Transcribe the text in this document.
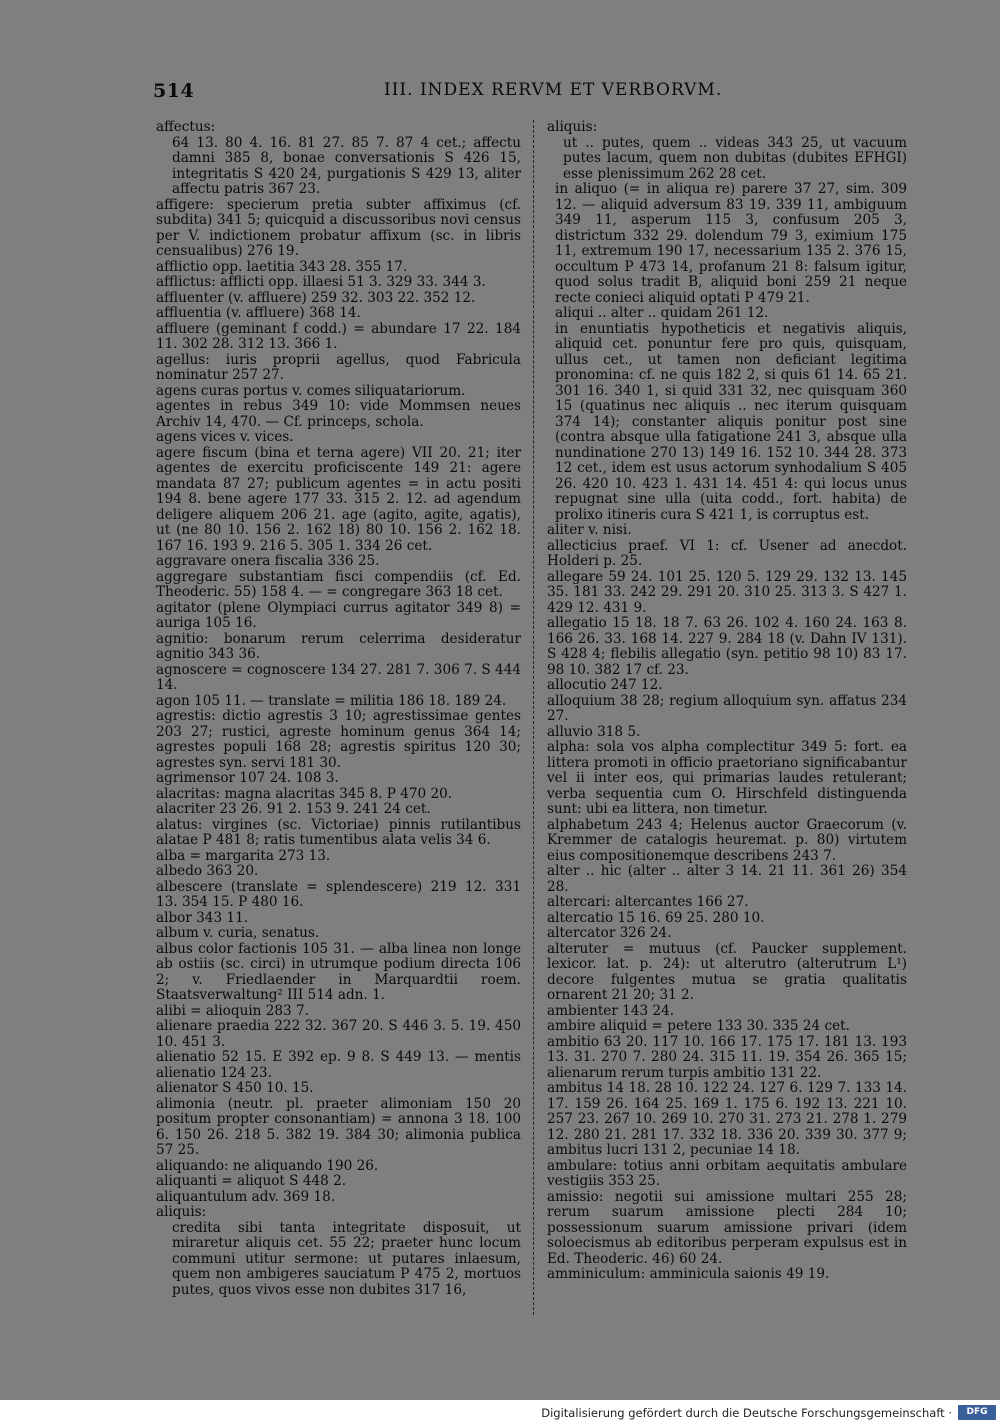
514	III. INDEX RERVM ET VERBORVM.

affectus:

64 13. 80 4. 16. 81 27. 85 7. 87 4 cet.; affectu damni 385 8, bonae conversationis S 426 15, integritatis S 420 24, purgationis S 429 13, aliter affectu patris 367 23.

affigere: specierum pretia subter affiximus (cf. subdita) 341 5; quicquid a discussoribus novi census per V. indictionem probatur affixum (sc. in libris censualibus) 276 19.

afflictio opp. laetitia 343 28. 355 17.

afflictus: afflicti opp. illaesi 51 3. 329 33. 344 3.

affluenter (v. affluere) 259 32. 303 22. 352 12.

affluentia (v. affluere) 368 14.

affluere (geminant f codd.) = abundare 17 22. 184 11. 302 28. 312 13. 366 1.

agellus: iuris proprii agellus, quod Fabricula nominatur 257 27.

agens curas portus v. comes siliquatariorum.

agentes in rebus 349 10: vide Mommsen neues Archiv 14, 470. — Cf. princeps, schola.

agens vices v. vices.

agere fiscum (bina et terna agere) VII 20. 21; iter agentes de exercitu proficiscente 149 21: agere mandata 87 27; publicum agentes = in actu positi 194 8. bene agere 177 33. 315 2. 12. ad agendum deligere aliquem 206 21. age (agito, agite, agatis), ut (ne 80 10. 156 2. 162 18) 80 10. 156 2. 162 18. 167 16. 193 9. 216 5. 305 1. 334 26 cet.

aggravare onera fiscalia 336 25.

aggregare substantiam fisci compendiis (cf. Ed. Theoderic. 55) 158 4. — = congregare 363 18 cet.

agitator (plene Olympiaci currus agitator 349 8) = auriga 105 16.

agnitio: bonarum rerum celerrima desideratur agnitio 343 36.

agnoscere = cognoscere 134 27. 281 7. 306 7. S 444 14.

agon 105 11. — translate = militia 186 18. 189 24.

agrestis: dictio agrestis 3 10; agrestissimae gentes 203 27; rustici, agreste hominum genus 364 14; agrestes populi 168 28; agrestis spiritus 120 30; agrestes syn. servi 181 30.

agrimensor 107 24. 108 3.

alacritas: magna alacritas 345 8. P 470 20.

alacriter 23 26. 91 2. 153 9. 241 24 cet.

alatus: virgines (sc. Victoriae) pinnis rutilantibus alatae P 481 8; ratis tumentibus alata velis 34 6.

alba = margarita 273 13.

albedo 363 20.

albescere (translate = splendescere) 219 12. 331 13. 354 15. P 480 16.

albor 343 11.

album v. curia, senatus.

albus color factionis 105 31. — alba linea non longe ab ostiis (sc. circi) in utrumque podium directa 106 2; v. Friedlaender in Marquardtii roem. Staatsverwaltung² III 514 adn. 1.

alibi = alioquin 283 7.

alienare praedia 222 32. 367 20. S 446 3. 5. 19. 450 10. 451 3.

alienatio 52 15. E 392 ep. 9 8. S 449 13. — mentis alienatio 124 23.

alienator S 450 10. 15.

alimonia (neutr. pl. praeter alimoniam 150 20 positum propter consonantiam) = annona 3 18. 100 6. 150 26. 218 5. 382 19. 384 30; alimonia publica 57 25.

aliquando: ne aliquando 190 26.

aliquanti = aliquot S 448 2.

aliquantulum adv. 369 18.

aliquis:

credita sibi tanta integritate disposuit, ut miraretur aliquis cet. 55 22; praeter hunc locum communi utitur sermone: ut putares inlaesum, quem non ambigeres sauciatum P 475 2, mortuos putes, quos vivos esse non dubites 317 16,

aliquis:

ut .. putes, quem .. videas 343 25, ut vacuum putes lacum, quem non dubitas (dubites EFHGI) esse plenissimum 262 28 cet.

in aliquo (= in aliqua re) parere 37 27, sim. 309 12. — aliquid adversum 83 19. 339 11, ambiguum 349 11, asperum 115 3, confusum 205 3, districtum 332 29. dolendum 79 3, eximium 175 11, extremum 190 17, necessarium 135 2. 376 15, occultum P 473 14, profanum 21 8: falsum igitur, quod solus tradit B, aliquid boni 259 21 neque recte conieci aliquid optati P 479 21.

aliqui .. alter .. quidam 261 12.

in enuntiatis hypotheticis et negativis aliquis, aliquid cet. ponuntur fere pro quis, quisquam, ullus cet., ut tamen non deficiant legitima pronomina: cf. ne quis 182 2, si quis 61 14. 65 21. 301 16. 340 1, si quid 331 32, nec quisquam 360 15 (quatinus nec aliquis .. nec iterum quisquam 374 14); constanter aliquis ponitur post sine (contra absque ulla fatigatione 241 3, absque ulla nundinatione 270 13) 149 16. 152 10. 344 28. 373 12 cet., idem est usus actorum synhodalium S 405 26. 420 10. 423 1. 431 14. 451 4: qui locus unus repugnat sine ulla (uita codd., fort. habita) de prolixo itineris cura S 421 1, is corruptus est.

aliter v. nisi.

allecticius praef. VI 1: cf. Usener ad anecdot. Holderi p. 25.

allegare 59 24. 101 25. 120 5. 129 29. 132 13. 145 35. 181 33. 242 29. 291 20. 310 25. 313 3. S 427 1. 429 12. 431 9.

allegatio 15 18. 18 7. 63 26. 102 4. 160 24. 163 8. 166 26. 33. 168 14. 227 9. 284 18 (v. Dahn IV 131). S 428 4; flebilis allegatio (syn. petitio 98 10) 83 17. 98 10. 382 17 cf. 23.

allocutio 247 12.

alloquium 38 28; regium alloquium syn. affatus 234 27.

alluvio 318 5.

alpha: sola vos alpha complectitur 349 5: fort. ea littera promoti in officio praetoriano significabantur vel ii inter eos, qui primarias laudes retulerant; verba sequentia cum O. Hirschfeld distinguenda sunt: ubi ea littera, non timetur.

alphabetum 243 4; Helenus auctor Graecorum (v. Kremmer de catalogis heuremat. p. 80) virtutem eius compositionemque describens 243 7.

alter .. hic (alter .. alter 3 14. 21 11. 361 26) 354 28.

altercari: altercantes 166 27.

altercatio 15 16. 69 25. 280 10.

altercator 326 24.

alteruter = mutuus (cf. Paucker supplement. lexicor. lat. p. 24): ut alterutro (alterutrum L¹) decore fulgentes mutua se gratia qualitatis ornarent 21 20; 31 2.

ambienter 143 24.

ambire aliquid = petere 133 30. 335 24 cet.

ambitio 63 20. 117 10. 166 17. 175 17. 181 13. 193 13. 31. 270 7. 280 24. 315 11. 19. 354 26. 365 15; alienarum rerum turpis ambitio 131 22.

ambitus 14 18. 28 10. 122 24. 127 6. 129 7. 133 14. 17. 159 26. 164 25. 169 1. 175 6. 192 13. 221 10. 257 23. 267 10. 269 10. 270 31. 273 21. 278 1. 279 12. 280 21. 281 17. 332 18. 336 20. 339 30. 377 9; ambitus lucri 131 2, pecuniae 14 18.

ambulare: totius anni orbitam aequitatis ambulare vestigiis 353 25.

amissio: negotii sui amissione multari 255 28; rerum suarum amissione plecti 284 10; possessionum suarum amissione privari (idem soloecismus ab editoribus perperam expulsus est in Ed. Theoderic. 46) 60 24.

amminiculum: amminicula saionis 49 19.

Digitalisierung gefördert durch die Deutsche Forschungsgemeinschaft ·	DFG
